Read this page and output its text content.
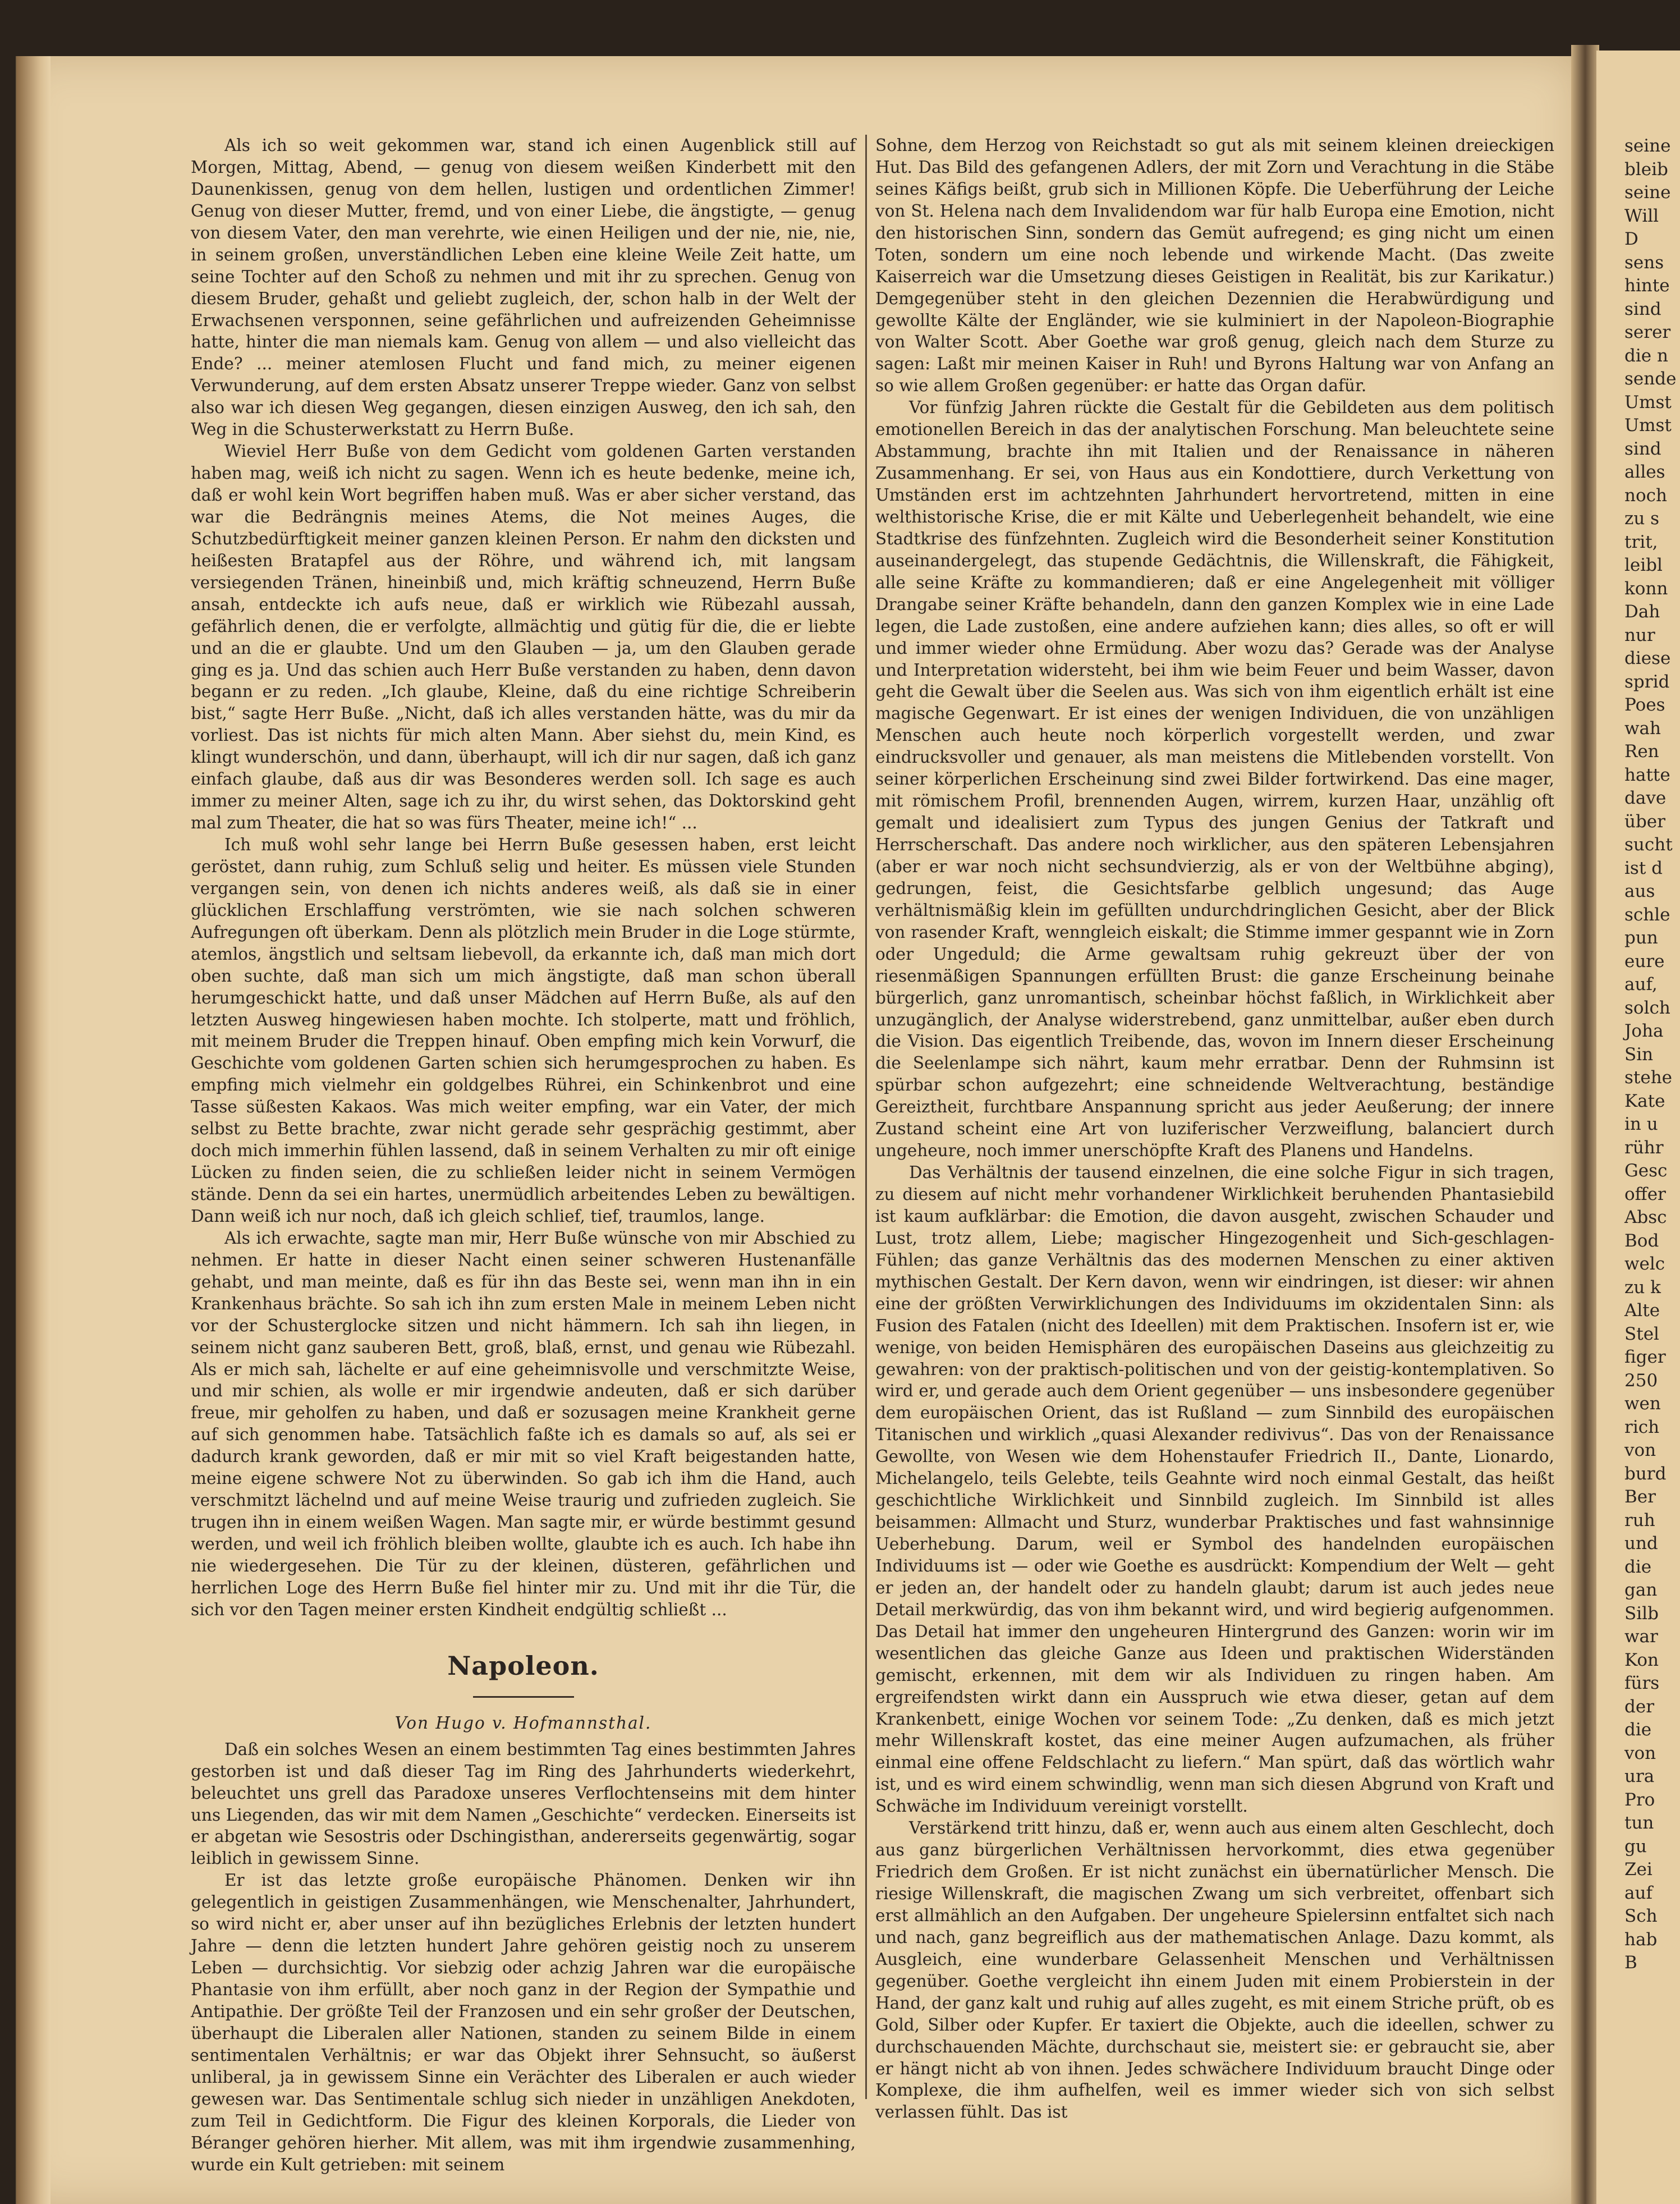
Als ich so weit gekommen war, stand ich einen Augenblick still auf Morgen, Mittag, Abend, — genug von diesem weißen Kinderbett mit den Daunenkissen, genug von dem hellen, lustigen und ordentlichen Zimmer! Genug von dieser Mutter, fremd, und von einer Liebe, die ängstigte, — genug von diesem Vater, den man verehrte, wie einen Heiligen und der nie, nie, nie, in seinem großen, unverständlichen Leben eine kleine Weile Zeit hatte, um seine Tochter auf den Schoß zu nehmen und mit ihr zu sprechen. Genug von diesem Bruder, gehaßt und geliebt zugleich, der, schon halb in der Welt der Erwachsenen versponnen, seine gefährlichen und aufreizenden Geheimnisse hatte, hinter die man niemals kam. Genug von allem — und also vielleicht das Ende? ... meiner atemlosen Flucht und fand mich, zu meiner eigenen Verwunderung, auf dem ersten Absatz unserer Treppe wieder. Ganz von selbst also war ich diesen Weg gegangen, diesen einzigen Ausweg, den ich sah, den Weg in die Schusterwerkstatt zu Herrn Buße.

Wieviel Herr Buße von dem Gedicht vom goldenen Garten verstanden haben mag, weiß ich nicht zu sagen. Wenn ich es heute bedenke, meine ich, daß er wohl kein Wort begriffen haben muß. Was er aber sicher verstand, das war die Bedrängnis meines Atems, die Not meines Auges, die Schutzbedürftigkeit meiner ganzen kleinen Person. Er nahm den dicksten und heißesten Bratapfel aus der Röhre, und während ich, mit langsam versiegenden Tränen, hineinbiß und, mich kräftig schneuzend, Herrn Buße ansah, entdeckte ich aufs neue, daß er wirklich wie Rübezahl aussah, gefährlich denen, die er verfolgte, allmächtig und gütig für die, die er liebte und an die er glaubte. Und um den Glauben — ja, um den Glauben gerade ging es ja. Und das schien auch Herr Buße verstanden zu haben, denn davon begann er zu reden. „Ich glaube, Kleine, daß du eine richtige Schreiberin bist,“ sagte Herr Buße. „Nicht, daß ich alles verstanden hätte, was du mir da vorliest. Das ist nichts für mich alten Mann. Aber siehst du, mein Kind, es klingt wunderschön, und dann, überhaupt, will ich dir nur sagen, daß ich ganz einfach glaube, daß aus dir was Besonderes werden soll. Ich sage es auch immer zu meiner Alten, sage ich zu ihr, du wirst sehen, das Doktorskind geht mal zum Theater, die hat so was fürs Theater, meine ich!“ ...

Ich muß wohl sehr lange bei Herrn Buße gesessen haben, erst leicht geröstet, dann ruhig, zum Schluß selig und heiter. Es müssen viele Stunden vergangen sein, von denen ich nichts anderes weiß, als daß sie in einer glücklichen Erschlaffung verströmten, wie sie nach solchen schweren Aufregungen oft überkam. Denn als plötzlich mein Bruder in die Loge stürmte, atemlos, ängstlich und seltsam liebevoll, da erkannte ich, daß man mich dort oben suchte, daß man sich um mich ängstigte, daß man schon überall herumgeschickt hatte, und daß unser Mädchen auf Herrn Buße, als auf den letzten Ausweg hingewiesen haben mochte. Ich stolperte, matt und fröhlich, mit meinem Bruder die Treppen hinauf. Oben empfing mich kein Vorwurf, die Geschichte vom goldenen Garten schien sich herumgesprochen zu haben. Es empfing mich vielmehr ein goldgelbes Rührei, ein Schinkenbrot und eine Tasse süßesten Kakaos. Was mich weiter empfing, war ein Vater, der mich selbst zu Bette brachte, zwar nicht gerade sehr gesprächig gestimmt, aber doch mich immerhin fühlen lassend, daß in seinem Verhalten zu mir oft einige Lücken zu finden seien, die zu schließen leider nicht in seinem Vermögen stände. Denn da sei ein hartes, unermüdlich arbeitendes Leben zu bewältigen. Dann weiß ich nur noch, daß ich gleich schlief, tief, traumlos, lange.

Als ich erwachte, sagte man mir, Herr Buße wünsche von mir Abschied zu nehmen. Er hatte in dieser Nacht einen seiner schweren Hustenanfälle gehabt, und man meinte, daß es für ihn das Beste sei, wenn man ihn in ein Krankenhaus brächte. So sah ich ihn zum ersten Male in meinem Leben nicht vor der Schusterglocke sitzen und nicht hämmern. Ich sah ihn liegen, in seinem nicht ganz sauberen Bett, groß, blaß, ernst, und genau wie Rübezahl. Als er mich sah, lächelte er auf eine geheimnisvolle und verschmitzte Weise, und mir schien, als wolle er mir irgendwie andeuten, daß er sich darüber freue, mir geholfen zu haben, und daß er sozusagen meine Krankheit gerne auf sich genommen habe. Tatsächlich faßte ich es damals so auf, als sei er dadurch krank geworden, daß er mir mit so viel Kraft beigestanden hatte, meine eigene schwere Not zu überwinden. So gab ich ihm die Hand, auch verschmitzt lächelnd und auf meine Weise traurig und zufrieden zugleich. Sie trugen ihn in einem weißen Wagen. Man sagte mir, er würde bestimmt gesund werden, und weil ich fröhlich bleiben wollte, glaubte ich es auch. Ich habe ihn nie wiedergesehen. Die Tür zu der kleinen, düsteren, gefährlichen und herrlichen Loge des Herrn Buße fiel hinter mir zu. Und mit ihr die Tür, die sich vor den Tagen meiner ersten Kindheit endgültig schließt ...

Napoleon.

Von Hugo v. Hofmannsthal.

Daß ein solches Wesen an einem bestimmten Tag eines bestimmten Jahres gestorben ist und daß dieser Tag im Ring des Jahrhunderts wiederkehrt, beleuchtet uns grell das Paradoxe unseres Verflochtenseins mit dem hinter uns Liegenden, das wir mit dem Namen „Geschichte“ verdecken. Einerseits ist er abgetan wie Sesostris oder Dschingisthan, andererseits gegenwärtig, sogar leiblich in gewissem Sinne.

Er ist das letzte große europäische Phänomen. Denken wir ihn gelegentlich in geistigen Zusammenhängen, wie Menschenalter, Jahrhundert, so wird nicht er, aber unser auf ihn bezügliches Erlebnis der letzten hundert Jahre — denn die letzten hundert Jahre gehören geistig noch zu unserem Leben — durchsichtig. Vor siebzig oder achzig Jahren war die europäische Phantasie von ihm erfüllt, aber noch ganz in der Region der Sympathie und Antipathie. Der größte Teil der Franzosen und ein sehr großer der Deutschen, überhaupt die Liberalen aller Nationen, standen zu seinem Bilde in einem sentimentalen Verhältnis; er war das Objekt ihrer Sehnsucht, so äußerst unliberal, ja in gewissem Sinne ein Verächter des Liberalen er auch wieder gewesen war. Das Sentimentale schlug sich nieder in unzähligen Anekdoten, zum Teil in Gedichtform. Die Figur des kleinen Korporals, die Lieder von Béranger gehören hierher. Mit allem, was mit ihm irgendwie zusammenhing, wurde ein Kult getrieben: mit seinem

Sohne, dem Herzog von Reichstadt so gut als mit seinem kleinen dreieckigen Hut. Das Bild des gefangenen Adlers, der mit Zorn und Verachtung in die Stäbe seines Käfigs beißt, grub sich in Millionen Köpfe. Die Ueberführung der Leiche von St. Helena nach dem Invalidendom war für halb Europa eine Emotion, nicht den historischen Sinn, sondern das Gemüt aufregend; es ging nicht um einen Toten, sondern um eine noch lebende und wirkende Macht. (Das zweite Kaiserreich war die Umsetzung dieses Geistigen in Realität, bis zur Karikatur.) Demgegenüber steht in den gleichen Dezennien die Herabwürdigung und gewollte Kälte der Engländer, wie sie kulminiert in der Napoleon-Biographie von Walter Scott. Aber Goethe war groß genug, gleich nach dem Sturze zu sagen: Laßt mir meinen Kaiser in Ruh! und Byrons Haltung war von Anfang an so wie allem Großen gegenüber: er hatte das Organ dafür.

Vor fünfzig Jahren rückte die Gestalt für die Gebildeten aus dem politisch emotionellen Bereich in das der analytischen Forschung. Man beleuchtete seine Abstammung, brachte ihn mit Italien und der Renaissance in näheren Zusammenhang. Er sei, von Haus aus ein Kondottiere, durch Verkettung von Umständen erst im achtzehnten Jahrhundert hervortretend, mitten in eine welthistorische Krise, die er mit Kälte und Ueberlegenheit behandelt, wie eine Stadtkrise des fünfzehnten. Zugleich wird die Besonderheit seiner Konstitution auseinandergelegt, das stupende Gedächtnis, die Willenskraft, die Fähigkeit, alle seine Kräfte zu kommandieren; daß er eine Angelegenheit mit völliger Drangabe seiner Kräfte behandeln, dann den ganzen Komplex wie in eine Lade legen, die Lade zustoßen, eine andere aufziehen kann; dies alles, so oft er will und immer wieder ohne Ermüdung. Aber wozu das? Gerade was der Analyse und Interpretation widersteht, bei ihm wie beim Feuer und beim Wasser, davon geht die Gewalt über die Seelen aus. Was sich von ihm eigentlich erhält ist eine magische Gegenwart. Er ist eines der wenigen Individuen, die von unzähligen Menschen auch heute noch körperlich vorgestellt werden, und zwar eindrucksvoller und genauer, als man meistens die Mitlebenden vorstellt. Von seiner körperlichen Erscheinung sind zwei Bilder fortwirkend. Das eine mager, mit römischem Profil, brennenden Augen, wirrem, kurzen Haar, unzählig oft gemalt und idealisiert zum Typus des jungen Genius der Tatkraft und Herrscherschaft. Das andere noch wirklicher, aus den späteren Lebensjahren (aber er war noch nicht sechsundvierzig, als er von der Weltbühne abging), gedrungen, feist, die Gesichtsfarbe gelblich ungesund; das Auge verhältnismäßig klein im gefüllten undurchdringlichen Gesicht, aber der Blick von rasender Kraft, wenngleich eiskalt; die Stimme immer gespannt wie in Zorn oder Ungeduld; die Arme gewaltsam ruhig gekreuzt über der von riesenmäßigen Spannungen erfüllten Brust: die ganze Erscheinung beinahe bürgerlich, ganz unromantisch, scheinbar höchst faßlich, in Wirklichkeit aber unzugänglich, der Analyse widerstrebend, ganz unmittelbar, außer eben durch die Vision. Das eigentlich Treibende, das, wovon im Innern dieser Erscheinung die Seelenlampe sich nährt, kaum mehr erratbar. Denn der Ruhmsinn ist spürbar schon aufgezehrt; eine schneidende Weltverachtung, beständige Gereiztheit, furchtbare Anspannung spricht aus jeder Aeußerung; der innere Zustand scheint eine Art von luziferischer Verzweiflung, balanciert durch ungeheure, noch immer unerschöpfte Kraft des Planens und Handelns.

Das Verhältnis der tausend einzelnen, die eine solche Figur in sich tragen, zu diesem auf nicht mehr vorhandener Wirklichkeit beruhenden Phantasiebild ist kaum aufklärbar: die Emotion, die davon ausgeht, zwischen Schauder und Lust, trotz allem, Liebe; magischer Hingezogenheit und Sich-geschlagen-Fühlen; das ganze Verhältnis das des modernen Menschen zu einer aktiven mythischen Gestalt. Der Kern davon, wenn wir eindringen, ist dieser: wir ahnen eine der größten Verwirklichungen des Individuums im okzidentalen Sinn: als Fusion des Fatalen (nicht des Ideellen) mit dem Praktischen. Insofern ist er, wie wenige, von beiden Hemisphären des europäischen Daseins aus gleichzeitig zu gewahren: von der praktisch-politischen und von der geistig-kontemplativen. So wird er, und gerade auch dem Orient gegenüber — uns insbesondere gegenüber dem europäischen Orient, das ist Rußland — zum Sinnbild des europäischen Titanischen und wirklich „quasi Alexander redivivus“. Das von der Renaissance Gewollte, von Wesen wie dem Hohenstaufer Friedrich II., Dante, Lionardo, Michelangelo, teils Gelebte, teils Geahnte wird noch einmal Gestalt, das heißt geschichtliche Wirklichkeit und Sinnbild zugleich. Im Sinnbild ist alles beisammen: Allmacht und Sturz, wunderbar Praktisches und fast wahnsinnige Ueberhebung. Darum, weil er Symbol des handelnden europäischen Individuums ist — oder wie Goethe es ausdrückt: Kompendium der Welt — geht er jeden an, der handelt oder zu handeln glaubt; darum ist auch jedes neue Detail merkwürdig, das von ihm bekannt wird, und wird begierig aufgenommen. Das Detail hat immer den ungeheuren Hintergrund des Ganzen: worin wir im wesentlichen das gleiche Ganze aus Ideen und praktischen Widerständen gemischt, erkennen, mit dem wir als Individuen zu ringen haben. Am ergreifendsten wirkt dann ein Ausspruch wie etwa dieser, getan auf dem Krankenbett, einige Wochen vor seinem Tode: „Zu denken, daß es mich jetzt mehr Willenskraft kostet, das eine meiner Augen aufzumachen, als früher einmal eine offene Feldschlacht zu liefern.“ Man spürt, daß das wörtlich wahr ist, und es wird einem schwindlig, wenn man sich diesen Abgrund von Kraft und Schwäche im Individuum vereinigt vorstellt.

Verstärkend tritt hinzu, daß er, wenn auch aus einem alten Geschlecht, doch aus ganz bürgerlichen Verhältnissen hervorkommt, dies etwa gegenüber Friedrich dem Großen. Er ist nicht zunächst ein übernatürlicher Mensch. Die riesige Willenskraft, die magischen Zwang um sich verbreitet, offenbart sich erst allmählich an den Aufgaben. Der ungeheure Spielersinn entfaltet sich nach und nach, ganz begreiflich aus der mathematischen Anlage. Dazu kommt, als Ausgleich, eine wunderbare Gelassenheit Menschen und Verhältnissen gegenüber. Goethe vergleicht ihn einem Juden mit einem Probierstein in der Hand, der ganz kalt und ruhig auf alles zugeht, es mit einem Striche prüft, ob es Gold, Silber oder Kupfer. Er taxiert die Objekte, auch die ideellen, schwer zu durchschauenden Mächte, durchschaut sie, meistert sie: er gebraucht sie, aber er hängt nicht ab von ihnen. Jedes schwächere Individuum braucht Dinge oder Komplexe, die ihm aufhelfen, weil es immer wieder sich von sich selbst verlassen fühlt. Das ist

seine
bleib
seine
Will
D
sens
hinte
sind
serer
die n
sende
Umst
Umst
sind
alles
noch
zu s
trit,
leibl
konn
Dah
nur
diese
sprid
Poes
wah
Ren
hatte
dave
über
sucht
ist d
aus
schle
pun
eure
auf,
solch
Joha
Sin
stehe
Kate
in u
rühr
Gesc
offer
Absc
Bod
welc
zu k
Alte
Stel
figer
250
wen
rich
von
burd
Ber
ruh
und
die
gan
Silb
war
Kon
fürs
der
die
von
ura
Pro
tun
gu
Zei
auf
Sch
hab
B
